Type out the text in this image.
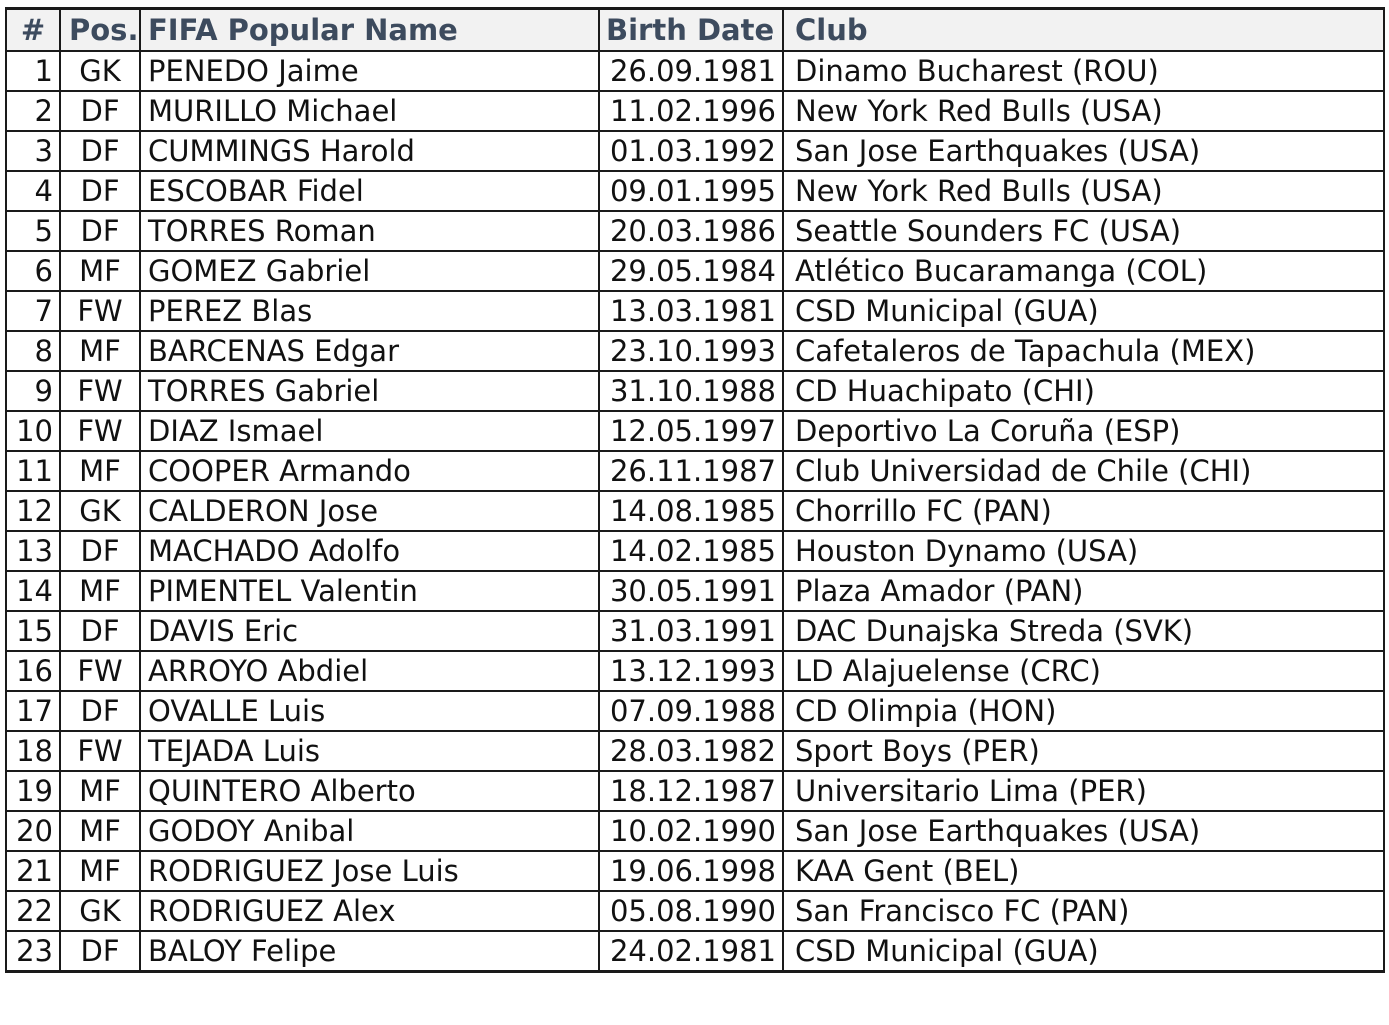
#	Pos.	FIFA Popular Name	Birth Date	Club
1	GK	PENEDO Jaime	26.09.1981	Dinamo Bucharest (ROU)
2	DF	MURILLO Michael	11.02.1996	New York Red Bulls (USA)
3	DF	CUMMINGS Harold	01.03.1992	San Jose Earthquakes (USA)
4	DF	ESCOBAR Fidel	09.01.1995	New York Red Bulls (USA)
5	DF	TORRES Roman	20.03.1986	Seattle Sounders FC (USA)
6	MF	GOMEZ Gabriel	29.05.1984	Atlético Bucaramanga (COL)
7	FW	PEREZ Blas	13.03.1981	CSD Municipal (GUA)
8	MF	BARCENAS Edgar	23.10.1993	Cafetaleros de Tapachula (MEX)
9	FW	TORRES Gabriel	31.10.1988	CD Huachipato (CHI)
10	FW	DIAZ Ismael	12.05.1997	Deportivo La Coruña (ESP)
11	MF	COOPER Armando	26.11.1987	Club Universidad de Chile (CHI)
12	GK	CALDERON Jose	14.08.1985	Chorrillo FC (PAN)
13	DF	MACHADO Adolfo	14.02.1985	Houston Dynamo (USA)
14	MF	PIMENTEL Valentin	30.05.1991	Plaza Amador (PAN)
15	DF	DAVIS Eric	31.03.1991	DAC Dunajska Streda (SVK)
16	FW	ARROYO Abdiel	13.12.1993	LD Alajuelense (CRC)
17	DF	OVALLE Luis	07.09.1988	CD Olimpia (HON)
18	FW	TEJADA Luis	28.03.1982	Sport Boys (PER)
19	MF	QUINTERO Alberto	18.12.1987	Universitario Lima (PER)
20	MF	GODOY Anibal	10.02.1990	San Jose Earthquakes (USA)
21	MF	RODRIGUEZ Jose Luis	19.06.1998	KAA Gent (BEL)
22	GK	RODRIGUEZ Alex	05.08.1990	San Francisco FC (PAN)
23	DF	BALOY Felipe	24.02.1981	CSD Municipal (GUA)
